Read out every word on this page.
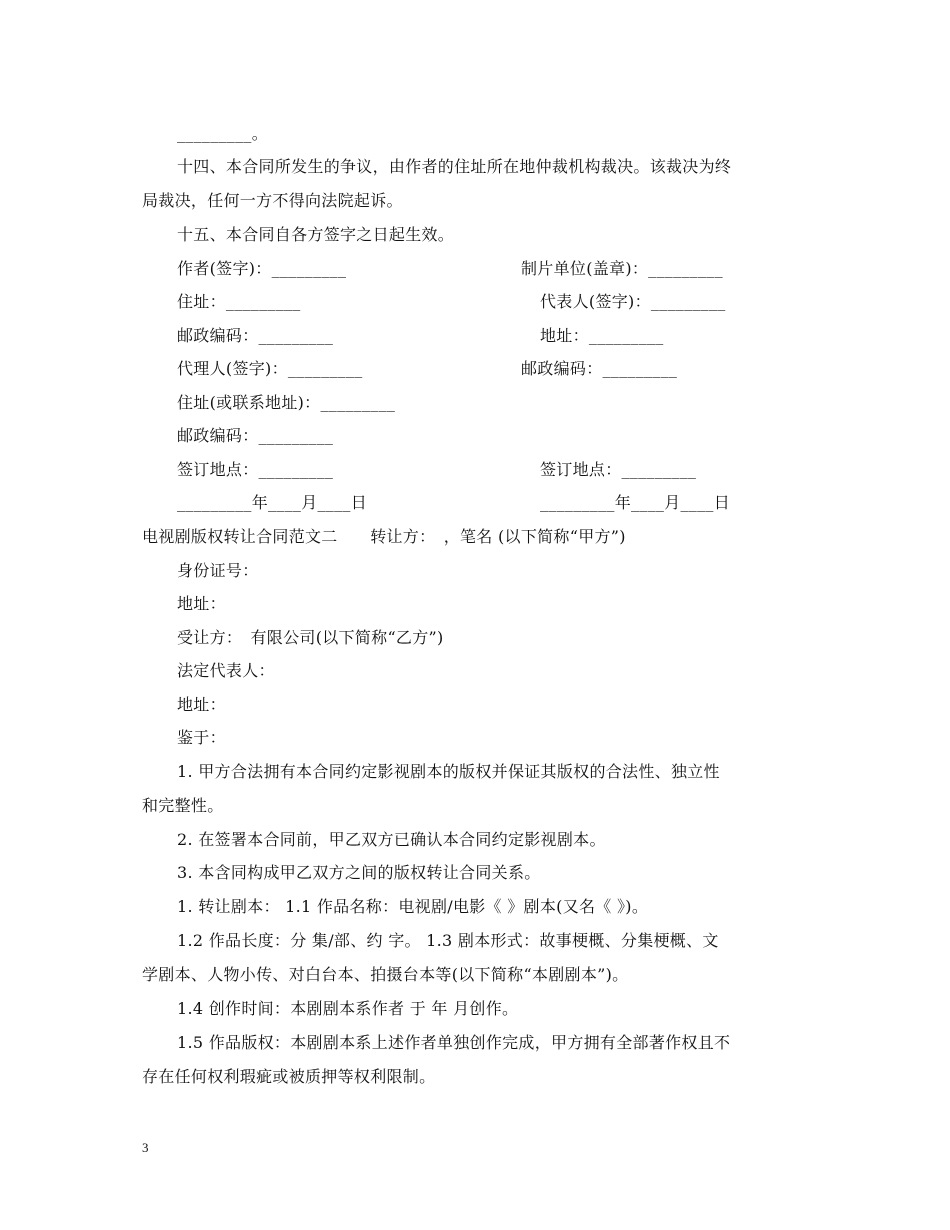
_________。
十四、本合同所发生的争议，由作者的住址所在地仲裁机构裁决。该裁决为终
局裁决，任何一方不得向法院起诉。
十五、本合同自各方签字之日起生效。
作者(签字)：_________
住址：_________
邮政编码：_________
代理人(签字)：_________
住址(或联系地址)：_________
邮政编码：_________
签订地点：_________
_________年____月____日
制片单位(盖章)：_________
代表人(签字)：_________
地址：_________
邮政编码：_________
签订地点：_________
_________年____月____日
电视剧版权转让合同范文二　　转让方：　，笔名 (以下简称“甲方”)
身份证号：
地址：
受让方：　有限公司(以下简称“乙方”)
法定代表人：
地址：
鉴于：
1. 甲方合法拥有本合同约定影视剧本的版权并保证其版权的合法性、独立性
和完整性。
2. 在签署本合同前，甲乙双方已确认本合同约定影视剧本。
3. 本含同构成甲乙双方之间的版权转让合同关系。
1. 转让剧本： 1.1 作品名称：电视剧/电影《 》剧本(又名《 》)。
1.2 作品长度：分 集/部、约 字。 1.3 剧本形式：故事梗概、分集梗概、文
学剧本、人物小传、对白台本、拍摄台本等(以下简称“本剧剧本”)。
1.4 创作时间：本剧剧本系作者 于 年 月创作。
1.5 作品版权：本剧剧本系上述作者单独创作完成，甲方拥有全部著作权且不
存在任何权利瑕疵或被质押等权利限制。
3
